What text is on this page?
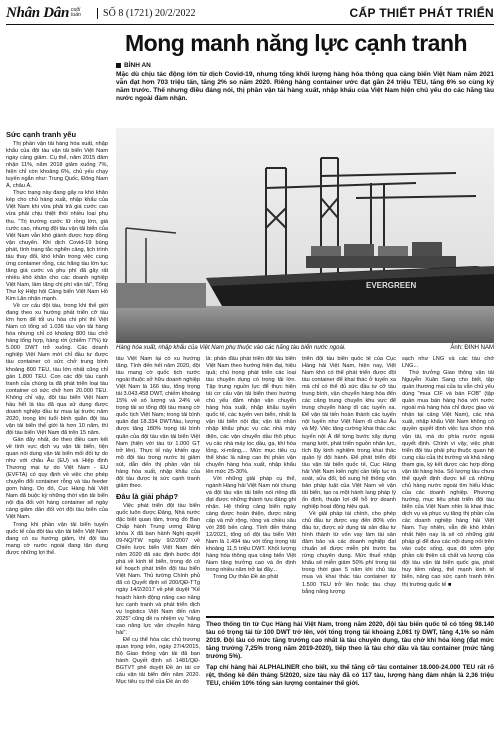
Nhân Dân cuối tuần	SỐ 8 (1721) 20/2/2022	CẤP THIẾT PHÁT TRIỂN
Mong manh năng lực cạnh tranh
BÌNH AN

Mặc dù chịu tác động lớn từ dịch Covid-19, nhưng tổng khối lượng hàng hóa thông qua cảng biển Việt Nam năm 2021 vẫn đạt hơn 703 triệu tấn, tăng 2% so năm 2020. Riêng hàng container ước đạt gần 24 triệu TEU, tăng 6% so cùng kỳ năm trước. Thế nhưng điều đáng nói, thị phần vận tải hàng xuất, nhập khẩu của Việt Nam hiện chủ yếu do các hãng tàu nước ngoài đảm nhận.

Sức cạnh tranh yếu

Thị phần vận tải hàng hóa xuất, nhập khẩu của đội tàu vận tải biển Việt Nam ngày càng giảm. Cụ thể, năm 2015 đảm nhận 11%, năm 2018 giảm xuống 7%, hiện chỉ còn khoảng 6%, chủ yếu chạy tuyến ngắn như: Trung Quốc, Đông Nam Á, châu Á.

Thực trạng này đang gây ra khó khăn kép cho chủ hàng xuất, nhập khẩu của Việt Nam khi vừa phải trả giá cước cao vừa phải chịu thiệt thòi nhiều loại phụ thu. "Trị trường cước lữ rồng lớn, giá cước cao, nhưng đội tàu vận tải biển của Việt Nam vẫn khó giành được hợp đồng vận chuyển. Khi dịch Covid-19 bùng phát, tình trạng tắc nghẽn cảng, lịch trình tàu thay đổi, khó khăn trong việc cung ứng container rỗng, các hãng tàu lớn tục tăng giá cước và phụ phí đã gây rất nhiều khó khăn cho các doanh nghiệp Việt Nam, làm tăng chi phí vận tải", Tổng Thư ký Hiệp hội Cảng biển Việt Nam Hồ Kim Lân nhận mạnh.

Về cơ cấu đội tàu, trong khi thế giới đang theo xu hướng phát triển cỡ tàu lớn hơn để tối ưu hóa chi phí thì Việt Nam có tổng số 1.036 tàu vận tải hàng hóa nhưng chỉ có khoảng 800 tàu chở hàng tổng hợp, hàng rời (chiếm 77%) từ 5.000 DWT trở xuống. Các doanh nghiệp Việt Nam mới chỉ đầu tư được tàu container có sức chở trung bình khoảng 800 TEU, tàu lớn nhất cũng chỉ gần 1.800 TEU. Con các đội tàu cạnh tranh của chúng ta đã phát triển loại tàu container có sức chở hơn 20.000 TEU. Không chỉ vậy, đội tàu biển Việt Nam hầu hết là tàu đã qua sử dụng được doanh nghiệp đầu tư mua lại trước năm 2020, trong khi tuổi bình quân đội tàu vận tải biển thế giới là hơn 10 năm, thì đội tàu biển Việt Nam đã trên 15 năm.

Gần đây nhất, do theo điều cam kết về tính vực dịch vụ vận tải biển, tiện quan nói dung vận tải biển mối đối tự do như với châu Âu (EU) và Hiệp định Thương mại tự do Việt Nam - EU (EVFTA) có quy định về việc cho phép chuyển đổi container rỗng và tàu feeder gom hàng. Do đó, Cục Hàng hải Việt Nam đã buộc kỳ những thời vận tải biển nội địa đối với hàng container sẽ ngày càng giảm dần đối với đội tàu biển của Việt Nam.

Trong khi phần vận tải biển tuyến quốc tế của đội tàu vận tải biển Việt Nam đang có xu hướng giảm, thì đội tàu mang cờ nước ngoài đang tận dụng được những lợi thế.

EVERGREEN
Hàng hóa xuất, nhập khẩu của Việt Nam phụ thuộc vào các hãng tàu biển nước ngoài.	Ảnh: ĐINH NAM

tàu Việt Nam lại có xu hướng tăng. Tính đến hết năm 2020, đội tàu mang cờ quốc tịch nước ngoài thuộc sở hữu doanh nghiệp Việt Nam là 166 tàu, tổng trọng tải 3.043.458 DWT, chiếm khoảng 15% về số lượng và 24% về trọng tải so tổng đội tàu mang cờ quốc tịch Việt Nam; trong tải bình quân đạt 18.334 DWT/tàu, lượng được tăng 180% trọng tải bình quân của đội tàu vận tải biển Việt Nam (hiện với tàu từ 1.000 GT trở lên). Thực tế này khiến quy mô đội tàu trong nước bị giảm sút, dẫn đến thị phần vận tải hàng hóa xuất, nhập khẩu của đội tàu được bị sức cạnh tranh giảm theo.

Đâu là giải pháp?

Việc phát triển đội tàu biển quốc luôn được Đảng, Nhà nước đặc biệt quan tâm, trong đó Ban Chấp hành Trung ương Đảng khóa X đã ban hành Nghị quyết 09-NQ/TW ngày 9/2/2007 về Chiến lược biển Việt Nam đến năm 2020 đã xác định bước đột phá về kinh tế biển, trong đó có kế hoạch phát triển đội tàu biển Việt Nam. Thủ tướng Chính phủ đã có Quyết định số 200/QĐ-TTg ngày 14/2/2017 về phê duyệt "Kế hoạch hành động nâng cao năng lực cạnh tranh và phát triển dịch vụ logistics Việt Nam đến năm 2025" cũng đề ra nhiệm vụ "nâng cao năng lực vận chuyển hàng hải".

Để cụ thể hóa các chủ trương quan trọng trên, ngày 27/4/2015, Bộ Giao thông vận tải đã ban hành Quyết định số 1481/QĐ-BGTVT phê duyệt Đề án tái cơ cấu vận tải biển đến năm 2020. Mục tiêu cụ thể của Đề án đó

là: phấn đấu phát triển đội tàu biển Việt Nam theo hướng hiện đại, hiệu quả; chú trọng phát triển các loại tàu chuyên dụng có trọng tải lớn. Tập trung nguồn lực để thực hiện tái cơ cấu vận tải biển theo hướng chú yếu đảm nhận vận chuyển hàng hóa xuất, nhập khẩu tuyến quốc tế, các tuyến ven biển, nhất là vận tải biển nội địa; vận tải nhận nhập khẩu phục vụ các nhà máy điện, các vận chuyển dầu thô phục vụ các nhà máy lọc dầu, gạ, khí hóa lỏng, xi-măng,... Mức mục tiêu cụ thể khác là nâng cao thị phần vận chuyển hàng hóa xuất, nhập khẩu lên mức 25-30%.

Với những giải pháp cụ thể, ngành Hàng hải Việt Nam nói chung và đội tàu vận tải biển nói riêng đã đạt được những thành tựu đáng ghi nhận. Hệ thống cảng biển ngày càng được hoàn thiện, được nâng cấp và mở rộng, rồng và chiều sâu với 286 bến cảng. Tính đến tháng 12/2021, tổng số đội tàu biển Việt Nam là 1.494 tàu với tổng trọng tải khoảng 11,5 triệu DWT. Khối lượng hàng hóa thông qua cảng biển Việt Nam tăng trưởng cao và ổn định trong nhiều năm trở lại đây...

Trong Dự thảo Đề án phát

triển đội tàu biển quốc tế của Cục Hàng hải Việt Nam, hiện nay, Việt Nam khó có thể phát triển được đội tàu container để khai thác ở tuyến xa mà chỉ có thể đủ sức đầu tư cỡ tàu trung bình, vận chuyển hàng hóa đến các cảng trung chuyển khu vực để trung chuyển hàng đi các tuyến xa. Để vận tải tiến hoàn thành các tuyến nội tuyến như Việt Nam đi châu Âu và Mỹ. Việc tăng cường khai thác các tuyến nội Á để từng bước xây dựng mạng lưới, phát triển nguồn nhân lực, tích lũy kinh nghiệm trong khai thác quản lý đội hành. Để phát triển đội tàu vận tải biển quốc tế, Cục Hàng hải Việt Nam kiến nghị cần tiếp tục rà soát, sửa đổi, bổ sung hệ thống văn bản pháp luật của Việt Nam về vận tải biển, tạo ra một hành lang pháp lý ổn định, thuận lợi để hỗ trợ doanh nghiệp hoạt động hiệu quả.

Về giải pháp tài chính, cho phép chủ đầu tư được vay đến 80% vốn đầu tư, được sử dụng tài sản đầu tư hình thành từ vốn vay làm tài sản đảm bảo và các doanh nghiệp đạt chuẩn sẽ được miễn phí trước ba rừng chuyên dụng. Mức thuế nhập khẩu sẽ miễn giảm 50% phí trong tài trong thời gian 5 năm khi chủ tàu mua và khai thác tàu container từ 1.500 TEU trở lên hoặc tàu chạy bằng năng lượng

sạch như LNG và các tàu chở LNG...

Thứ trưởng Giao thông vận tải Nguyễn Xuân Sang cho biết, tập quán thương mại của ta vẫn chủ yếu dùng "mua CIF và bán FOB" (tập quán mua bán hàng hóa với nước ngoài mà hàng hóa chỉ được giao và nhận tại cảng Việt Nam), các nhà xuất, nhập khẩu Việt Nam không có quyền quyết định việc lựa chọn nhà vận tải, mà do phía nước ngoài quyết định. Chính vì vậy, việc phát triển đội tàu phải phụ thuộc quan hệ cung cầu của thị trường và khả năng tham gia, kỳ kết được các hợp đồng vận tải hàng hóa. Số lượng tàu chưa thể quyết định được kể cả những chủ hàng nước ngoài tìm hiểu khác của các doanh nghiệp. Phương hướng, mục tiêu phát triển đội tàu biển của Việt Nam nhìn là khai thác dịch vụ và phục vụ tăng thị phần của các doanh nghiệp hàng hải Việt Nam. Tuy nhiên, vẫn đề khó khăn nhất hiện nay là sẽ có những giải pháp gì để đưa các nội dung nói trên vào cuộc sống, qua đó sớm góp phần cải thiện cả chất và lượng của đội tàu vận tải biển quốc gia, phát huy tiềm năng, thế mạnh kinh tế biển, nâng cao sức cạnh tranh trên thị trường quốc tế ■

Theo thống tin từ Cục Hàng hải Việt Nam, trong năm 2020, đội tàu biển quốc tế có tổng 98.140 tàu có trọng tải từ 100 DWT trở lên, với tổng trọng tải khoảng 2,061 tỷ DWT, tăng 4,1% so năm 2019. Đội tàu có mức tăng trưởng cao nhất là tàu chuyên dụng, tàu chở khí hóa lỏng (đạt mức tăng trưởng 7,25% trong năm 2019-2020), tiếp theo là tàu chở dầu và tàu container (mức tăng trưởng 5%).

Tạp chí hàng hải ALPHALINER cho biết, xu thế tăng cỡ tàu container 18.000-24.000 TEU rất rõ rệt, thống kê đến tháng 5/2020, size tàu này đã có 117 tàu, lượng hàng đảm nhận là 2,36 triệu TEU, chiếm 10% tổng sản lượng container thế giới.
